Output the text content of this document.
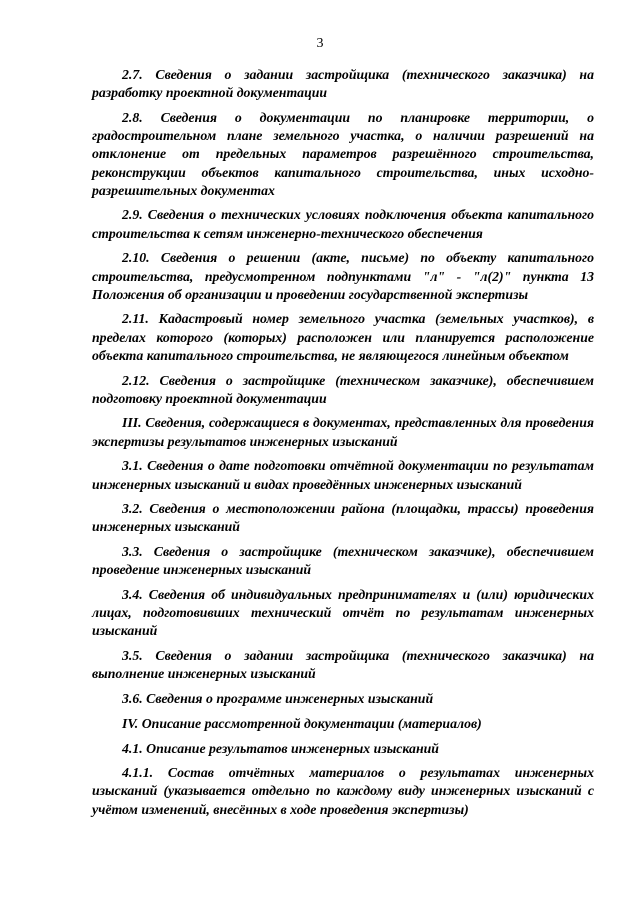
3

2.7. Сведения о задании застройщика (технического заказчика) на разработку проектной документации

2.8. Сведения о документации по планировке территории, о градостроительном плане земельного участка, о наличии разрешений на отклонение от предельных параметров разрешённого строительства, реконструкции объектов капитального строительства, иных исходно-разрешительных документах

2.9. Сведения о технических условиях подключения объекта капитального строительства к сетям инженерно-технического обеспечения

2.10. Сведения о решении (акте, письме) по объекту капитального строительства, предусмотренном подпунктами "л" - "л(2)" пункта 13 Положения об организации и проведении государственной экспертизы

2.11. Кадастровый номер земельного участка (земельных участков), в пределах которого (которых) расположен или планируется расположение объекта капитального строительства, не являющегося линейным объектом

2.12. Сведения о застройщике (техническом заказчике), обеспечившем подготовку проектной документации

III. Сведения, содержащиеся в документах, представленных для проведения экспертизы результатов инженерных изысканий

3.1. Сведения о дате подготовки отчётной документации по результатам инженерных изысканий и видах проведённых инженерных изысканий

3.2. Сведения о местоположении района (площадки, трассы) проведения инженерных изысканий

3.3. Сведения о застройщике (техническом заказчике), обеспечившем проведение инженерных изысканий

3.4. Сведения об индивидуальных предпринимателях и (или) юридических лицах, подготовивших технический отчёт по результатам инженерных изысканий

3.5. Сведения о задании застройщика (технического заказчика) на выполнение инженерных изысканий

3.6. Сведения о программе инженерных изысканий

IV. Описание рассмотренной документации (материалов)

4.1. Описание результатов инженерных изысканий

4.1.1. Состав отчётных материалов о результатах инженерных изысканий (указывается отдельно по каждому виду инженерных изысканий с учётом изменений, внесённых в ходе проведения экспертизы)
